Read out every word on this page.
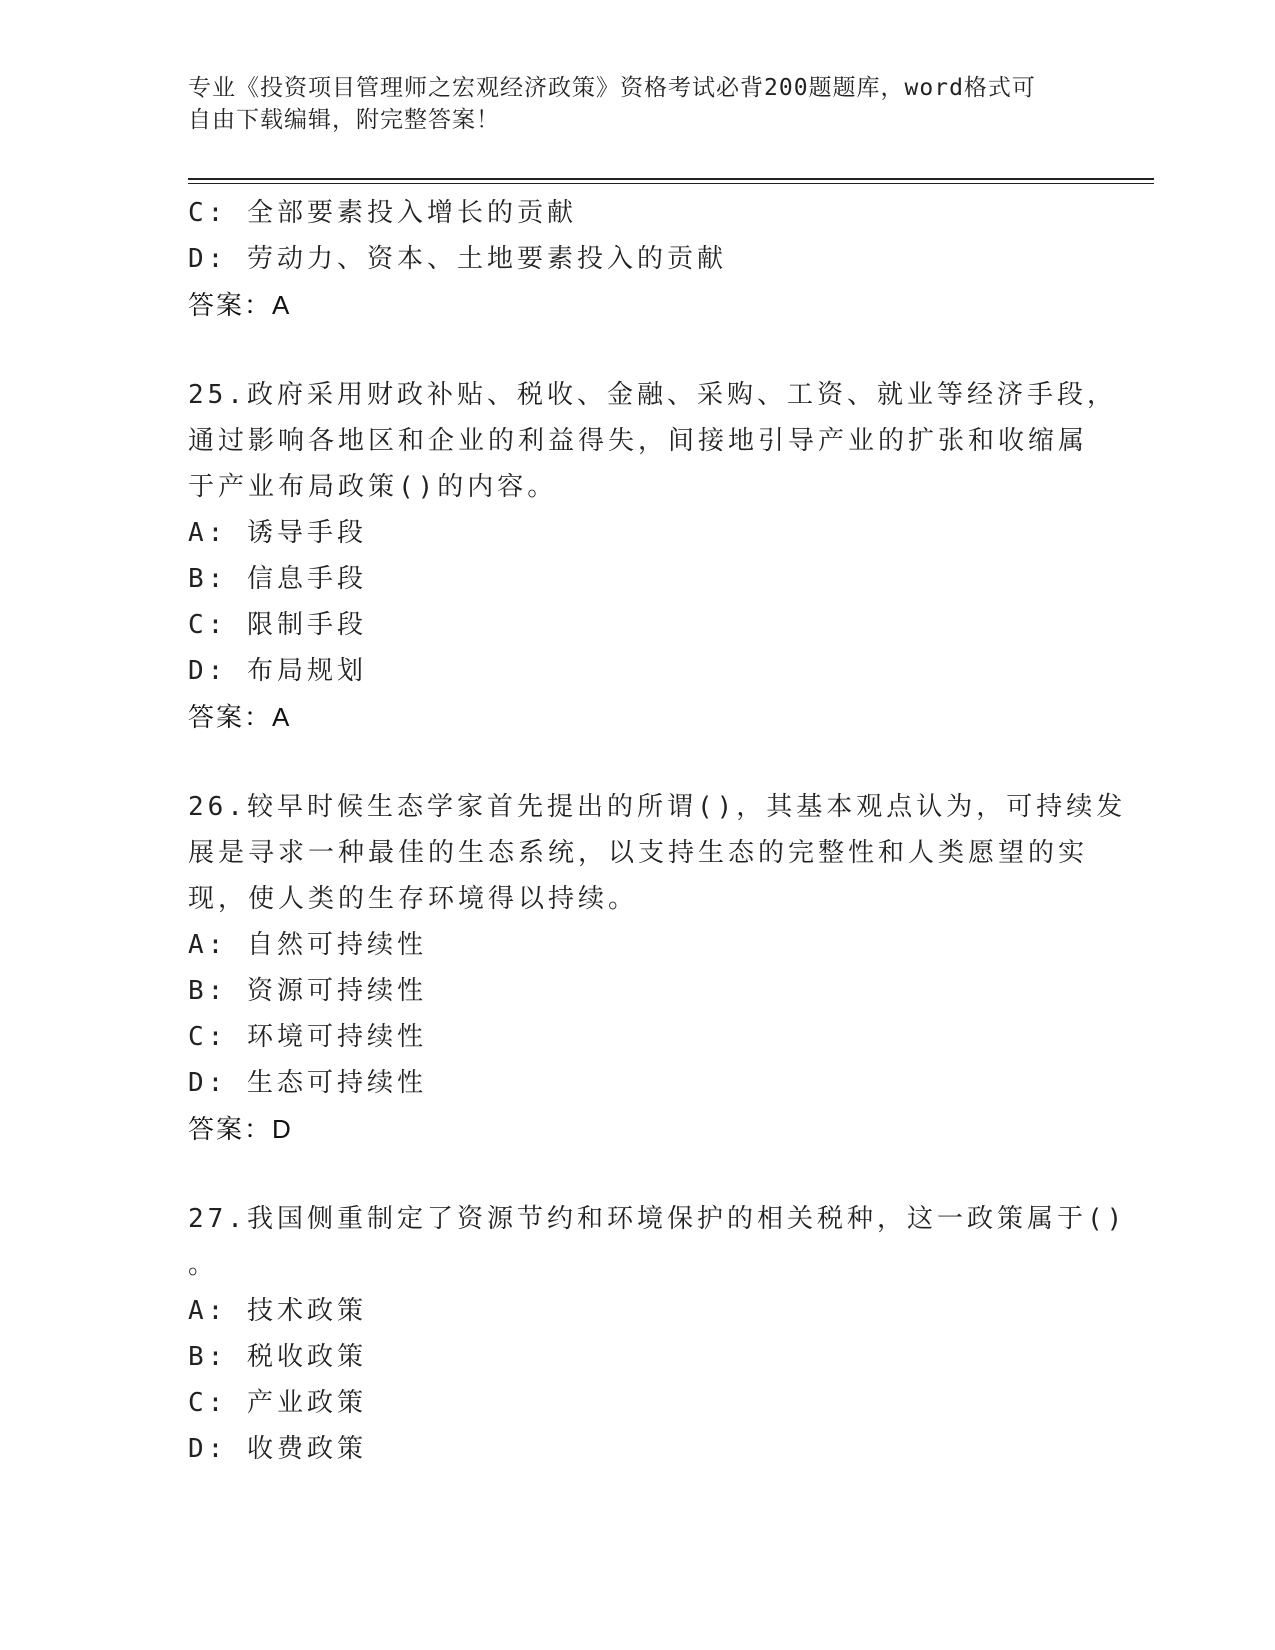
专业《投资项目管理师之宏观经济政策》资格考试必背200题题库，word格式可
自由下载编辑，附完整答案！
C: 全部要素投入增长的贡献
D: 劳动力、资本、土地要素投入的贡献
答案：A
25.政府采用财政补贴、税收、金融、采购、工资、就业等经济手段，
通过影响各地区和企业的利益得失，间接地引导产业的扩张和收缩属
于产业布局政策()的内容。
A: 诱导手段
B: 信息手段
C: 限制手段
D: 布局规划
答案：A
26.较早时候生态学家首先提出的所谓()，其基本观点认为，可持续发
展是寻求一种最佳的生态系统，以支持生态的完整性和人类愿望的实
现，使人类的生存环境得以持续。
A: 自然可持续性
B: 资源可持续性
C: 环境可持续性
D: 生态可持续性
答案：D
27.我国侧重制定了资源节约和环境保护的相关税种，这一政策属于()
。
A: 技术政策
B: 税收政策
C: 产业政策
D: 收费政策
